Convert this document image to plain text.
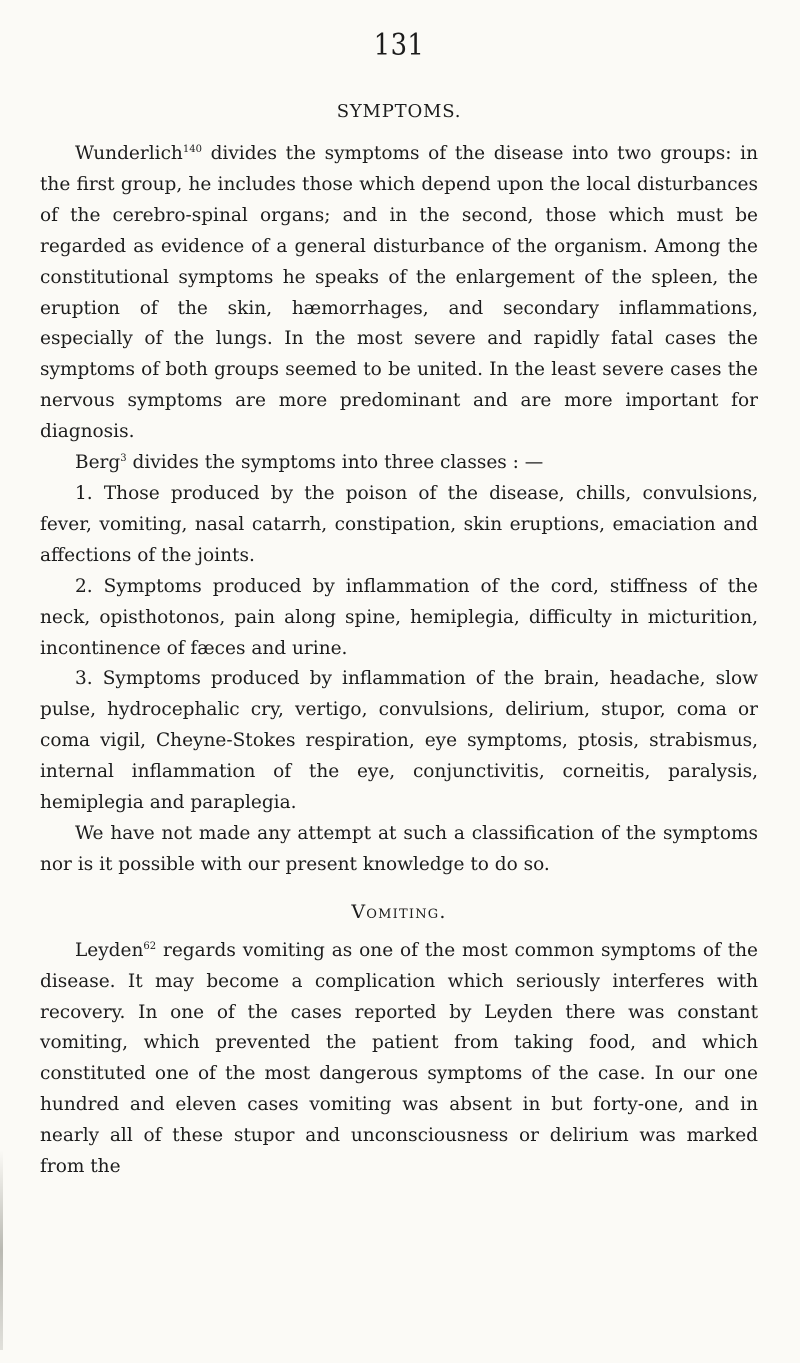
131
SYMPTOMS.

Wunderlich$^{140}$ divides the symptoms of the disease into two groups: in the first group, he includes those which depend upon the local disturbances of the cerebro-spinal organs; and in the second, those which must be regarded as evidence of a general disturbance of the organism. Among the constitutional symptoms he speaks of the enlargement of the spleen, the eruption of the skin, hæmorrhages, and secondary inflammations, especially of the lungs. In the most severe and rapidly fatal cases the symptoms of both groups seemed to be united. In the least severe cases the nervous symptoms are more predominant and are more important for diagnosis.

Berg$^3$ divides the symptoms into three classes : —

1. Those produced by the poison of the disease, chills, convulsions, fever, vomiting, nasal catarrh, constipation, skin eruptions, emaciation and affections of the joints.

2. Symptoms produced by inflammation of the cord, stiffness of the neck, opisthotonos, pain along spine, hemiplegia, difficulty in micturition, incontinence of fæces and urine.

3. Symptoms produced by inflammation of the brain, headache, slow pulse, hydrocephalic cry, vertigo, convulsions, delirium, stupor, coma or coma vigil, Cheyne-Stokes respiration, eye symptoms, ptosis, strabismus, internal inflammation of the eye, conjunctivitis, corneitis, paralysis, hemiplegia and paraplegia.

We have not made any attempt at such a classification of the symptoms nor is it possible with our present knowledge to do so.

Vomiting.

Leyden$^{62}$ regards vomiting as one of the most common symptoms of the disease. It may become a complication which seriously interferes with recovery. In one of the cases reported by Leyden there was constant vomiting, which prevented the patient from taking food, and which constituted one of the most dangerous symptoms of the case. In our one hundred and eleven cases vomiting was absent in but forty-one, and in nearly all of these stupor and unconsciousness or delirium was marked from the
